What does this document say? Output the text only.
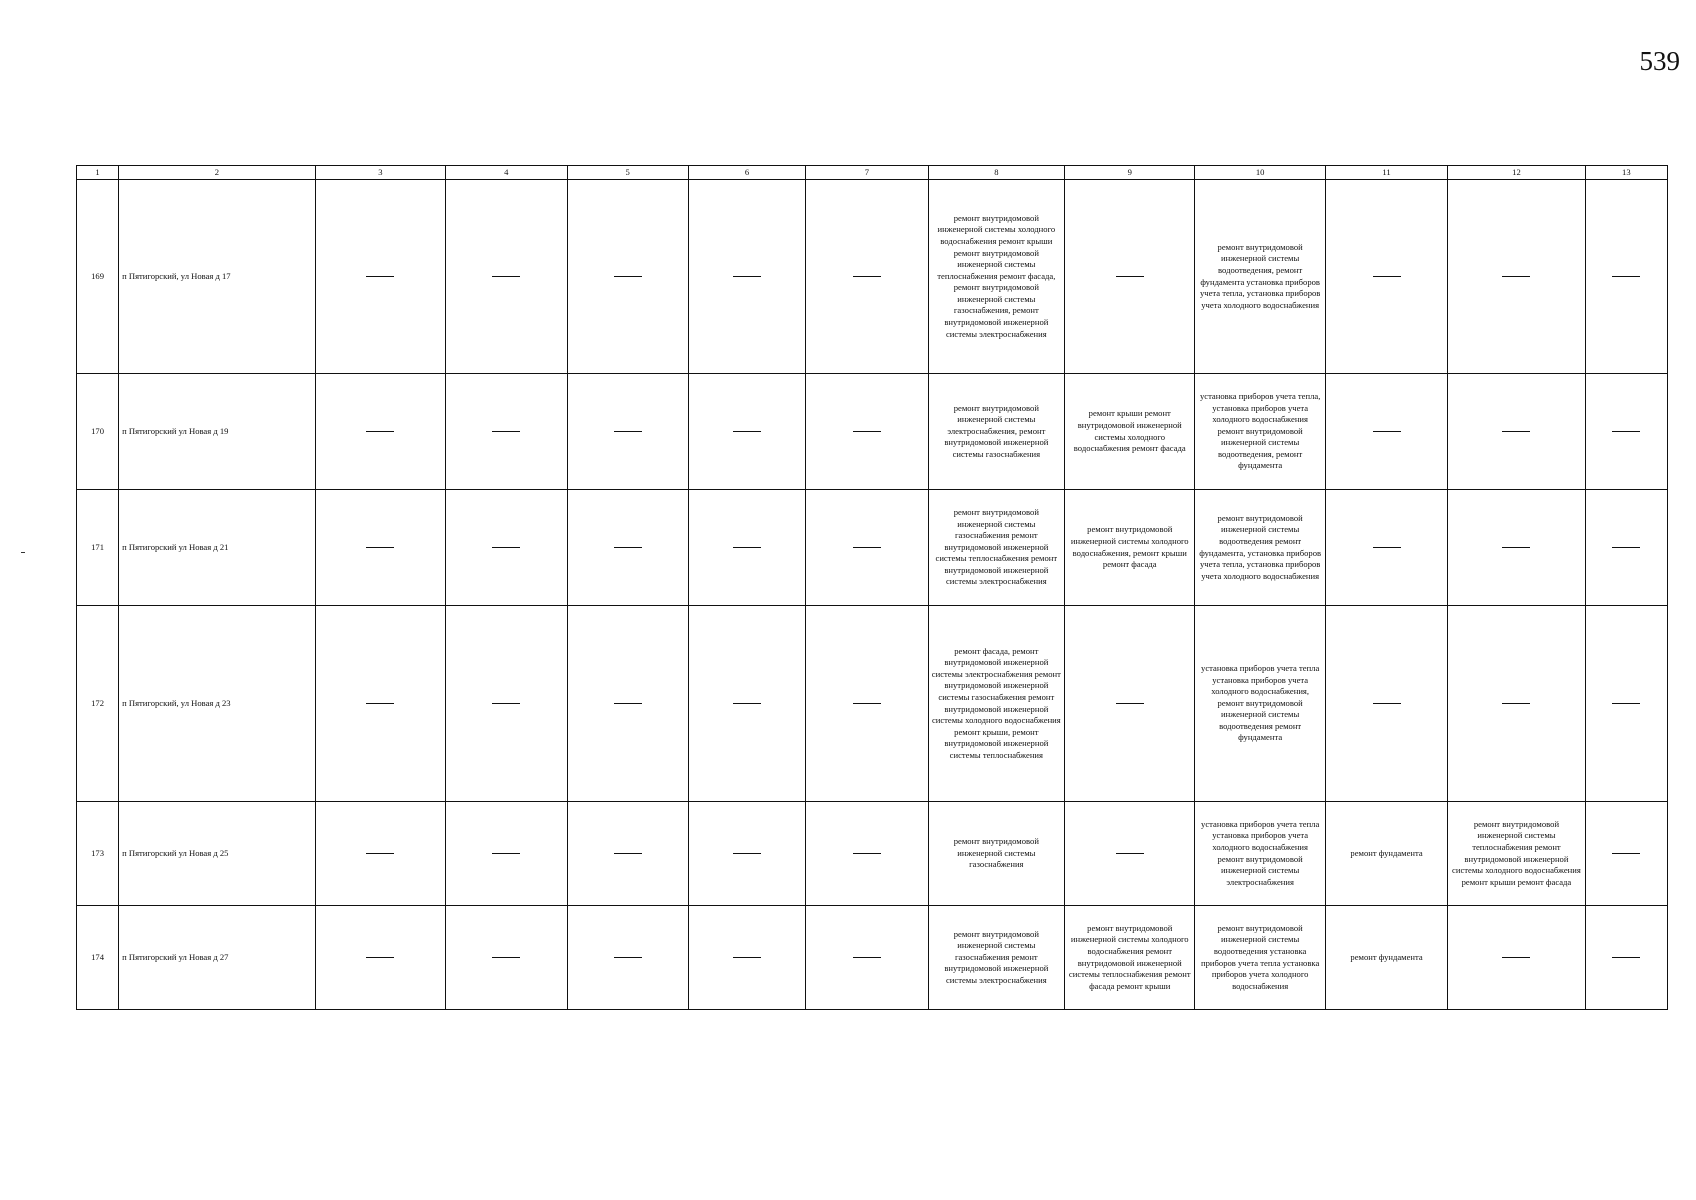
539
1	2	3	4	5	6	7	8	9	10	11	12	13
169	п Пятигорский, ул Новая д 17						ремонт внутридомовой инженерной системы холодного водоснабжения ремонт крыши ремонт внутридомовой инженерной системы теплоснабжения ремонт фасада, ремонт внутридомовой инженерной системы газоснабжения, ремонт внутридомовой инженерной системы электроснабжения		ремонт внутридомовой инженерной системы водоотведения, ремонт фундамента установка приборов учета тепла, установка приборов учета холодного водоснабжения			
170	п Пятигорский ул Новая д 19						ремонт внутридомовой инженерной системы электроснабжения, ремонт внутридомовой инженерной системы газоснабжения	ремонт крыши ремонт внутридомовой инженерной системы холодного водоснабжения ремонт фасада	установка приборов учета тепла, установка приборов учета холодного водоснабжения ремонт внутридомовой инженерной системы водоотведения, ремонт фундамента			
171	п Пятигорский ул Новая д 21						ремонт внутридомовой инженерной системы газоснабжения ремонт внутридомовой инженерной системы теплоснабжения ремонт внутридомовой инженерной системы электроснабжения	ремонт внутридомовой инженерной системы холодного водоснабжения, ремонт крыши ремонт фасада	ремонт внутридомовой инженерной системы водоотведения ремонт фундамента, установка приборов учета тепла, установка приборов учета холодного водоснабжения			
172	п Пятигорский, ул Новая д 23						ремонт фасада, ремонт внутридомовой инженерной системы электроснабжения ремонт внутридомовой инженерной системы газоснабжения ремонт внутридомовой инженерной системы холодного водоснабжения ремонт крыши, ремонт внутридомовой инженерной системы теплоснабжения		установка приборов учета тепла установка приборов учета холодного водоснабжения, ремонт внутридомовой инженерной системы водоотведения ремонт фундамента			
173	п Пятигорский ул Новая д 25						ремонт внутридомовой инженерной системы газоснабжения		установка приборов учета тепла установка приборов учета холодного водоснабжения ремонт внутридомовой инженерной системы электроснабжения	ремонт фундамента	ремонт внутридомовой инженерной системы теплоснабжения ремонт внутридомовой инженерной системы холодного водоснабжения ремонт крыши ремонт фасада	
174	п Пятигорский ул Новая д 27						ремонт внутридомовой инженерной системы газоснабжения ремонт внутридомовой инженерной системы электроснабжения	ремонт внутридомовой инженерной системы холодного водоснабжения ремонт внутридомовой инженерной системы теплоснабжения ремонт фасада ремонт крыши	ремонт внутридомовой инженерной системы водоотведения установка приборов учета тепла установка приборов учета холодного водоснабжения	ремонт фундамента		
